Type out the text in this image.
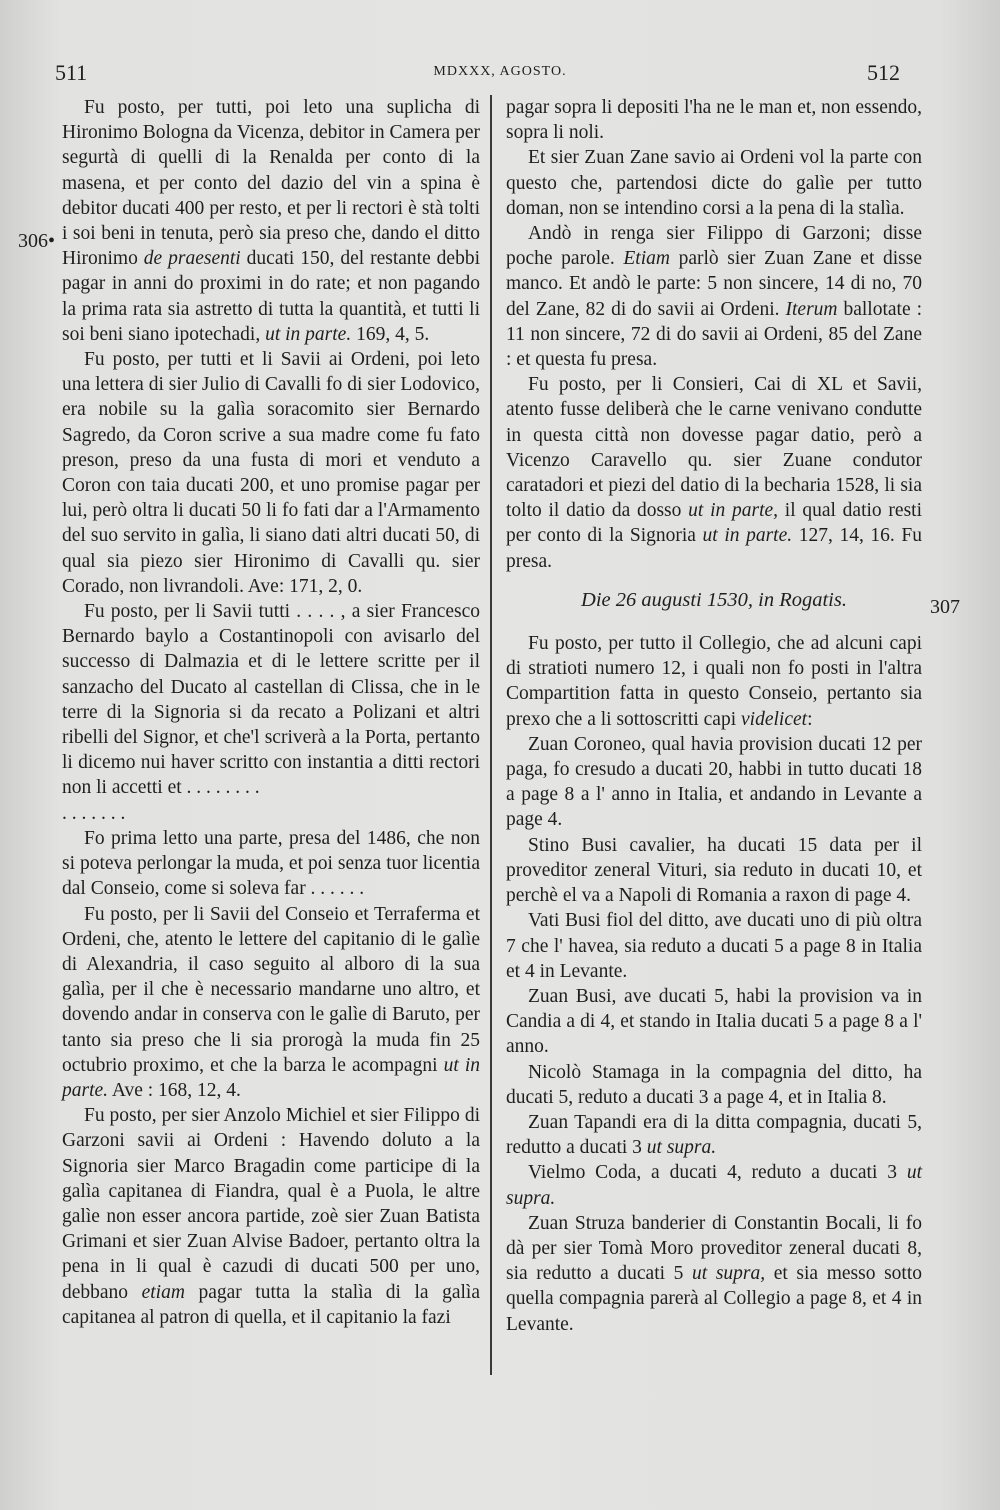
511	MDXXX, AGOSTO.	512
306•
307

Fu posto, per tutti, poi leto una suplicha di Hironimo Bologna da Vicenza, debitor in Camera per segurtà di quelli di la Renalda per conto di la masena, et per conto del dazio del vin a spina è debitor ducati 400 per resto, et per li rectori è stà tolti i soi beni in tenuta, però sia preso che, dando el ditto Hironimo de praesenti ducati 150, del restante debbi pagar in anni do proximi in do rate; et non pagando la prima rata sia astretto di tutta la quantità, et tutti li soi beni siano ipotechadi, ut in parte. 169, 4, 5.

Fu posto, per tutti et li Savii ai Ordeni, poi leto una lettera di sier Julio di Cavalli fo di sier Lodovico, era nobile su la galìa soracomito sier Bernardo Sagredo, da Coron scrive a sua madre come fu fato preson, preso da una fusta di mori et venduto a Coron con taia ducati 200, et uno promise pagar per lui, però oltra li ducati 50 li fo fati dar a l'Armamento del suo servito in galìa, li siano dati altri ducati 50, di qual sia piezo sier Hironimo di Cavalli qu. sier Corado, non livrandoli. Ave: 171, 2, 0.

Fu posto, per li Savii tutti . . . . , a sier Francesco Bernardo baylo a Costantinopoli con avisarlo del successo di Dalmazia et di le lettere scritte per il sanzacho del Ducato al castellan di Clissa, che in le terre di la Signoria si da recato a Polizani et altri ribelli del Signor, et che'l scriverà a la Porta, pertanto li dicemo nui haver scritto con instantia a ditti rectori non li accetti et . . . . . . . .

. . . . . . .

Fo prima letto una parte, presa del 1486, che non si poteva perlongar la muda, et poi senza tuor licentia dal Conseio, come si soleva far . . . . . .

Fu posto, per li Savii del Conseio et Terraferma et Ordeni, che, atento le lettere del capitanio di le galìe di Alexandria, il caso seguito al alboro di la sua galìa, per il che è necessario mandarne uno altro, et dovendo andar in conserva con le galìe di Baruto, per tanto sia preso che li sia prorogà la muda fin 25 octubrio proximo, et che la barza le acompagni ut in parte. Ave : 168, 12, 4.

Fu posto, per sier Anzolo Michiel et sier Filippo di Garzoni savii ai Ordeni : Havendo doluto a la Signoria sier Marco Bragadin come participe di la galìa capitanea di Fiandra, qual è a Puola, le altre galìe non esser ancora partide, zoè sier Zuan Batista Grimani et sier Zuan Alvise Badoer, pertanto oltra la pena in li qual è cazudi di ducati 500 per uno, debbano etiam pagar tutta la stalìa di la galìa capitanea al patron di quella, et il capitanio la fazi

pagar sopra li depositi l'ha ne le man et, non essendo, sopra li noli.

Et sier Zuan Zane savio ai Ordeni vol la parte con questo che, partendosi dicte do galìe per tutto doman, non se intendino corsi a la pena di la stalìa.

Andò in renga sier Filippo di Garzoni; disse poche parole. Etiam parlò sier Zuan Zane et disse manco. Et andò le parte: 5 non sincere, 14 di no, 70 del Zane, 82 di do savii ai Ordeni. Iterum ballotate : 11 non sincere, 72 di do savii ai Ordeni, 85 del Zane : et questa fu presa.

Fu posto, per li Consieri, Cai di XL et Savii, atento fusse deliberà che le carne venivano condutte in questa città non dovesse pagar datio, però a Vicenzo Caravello qu. sier Zuane condutor caratadori et piezi del datio di la becharia 1528, li sia tolto il datio da dosso ut in parte, il qual datio resti per conto di la Signoria ut in parte. 127, 14, 16. Fu presa.

Die 26 augusti 1530, in Rogatis.

Fu posto, per tutto il Collegio, che ad alcuni capi di stratioti numero 12, i quali non fo posti in l'altra Compartition fatta in questo Conseio, pertanto sia prexo che a li sottoscritti capi videlicet:

Zuan Coroneo, qual havia provision ducati 12 per paga, fo cresudo a ducati 20, habbi in tutto ducati 18 a page 8 a l' anno in Italia, et andando in Levante a page 4.

Stino Busi cavalier, ha ducati 15 data per il proveditor zeneral Vituri, sia reduto in ducati 10, et perchè el va a Napoli di Romania a raxon di page 4.

Vati Busi fiol del ditto, ave ducati uno di più oltra 7 che l' havea, sia reduto a ducati 5 a page 8 in Italia et 4 in Levante.

Zuan Busi, ave ducati 5, habi la provision va in Candia a di 4, et stando in Italia ducati 5 a page 8 a l' anno.

Nicolò Stamaga in la compagnia del ditto, ha ducati 5, reduto a ducati 3 a page 4, et in Italia 8.

Zuan Tapandi era di la ditta compagnia, ducati 5, redutto a ducati 3 ut supra.

Vielmo Coda, a ducati 4, reduto a ducati 3 ut supra.

Zuan Struza banderier di Constantin Bocali, li fo dà per sier Tomà Moro proveditor zeneral ducati 8, sia redutto a ducati 5 ut supra, et sia messo sotto quella compagnia parerà al Collegio a page 8, et 4 in Levante.
